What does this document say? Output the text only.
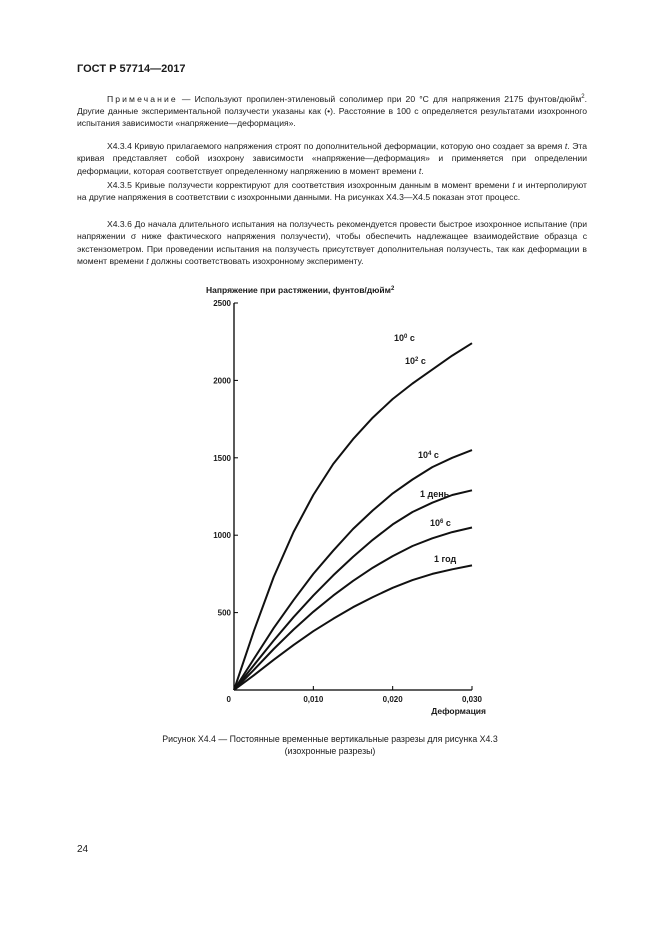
ГОСТ Р 57714—2017

Примечание — Используют пропилен-этиленовый сополимер при 20 °С для напряжения 2175 фунтов/дюйм$^2$. Другие данные экспериментальной ползучести указаны как (•). Расстояние в 100 с определяется результатами изохронного испытания зависимости «напряжение—деформация».

Х4.3.4 Кривую прилагаемого напряжения строят по дополнительной деформации, которую оно создает за время t. Эта кривая представляет собой изохрону зависимости «напряжение—деформация» и применяется при определении деформации, которая соответствует определенному напряжению в момент времени t.

Х4.3.5 Кривые ползучести корректируют для соответствия изохронным данным в момент времени t и интерполируют на другие напряжения в соответствии с изохронными данными. На рисунках Х4.3—Х4.5 показан этот процесс.

Х4.3.6 До начала длительного испытания на ползучесть рекомендуется провести быстрое изохронное испытание (при напряжении σ ниже фактического напряжения ползучести), чтобы обеспечить надлежащее взаимодействие образца с экстензометром. При проведении испытания на ползучесть присутствует дополнительная ползучесть, так как деформации в момент времени t должны соответствовать изохронному эксперименту.

500
1000
1500
2000
2500
0	0,010	0,020	0,030
Напряжение при растяжении, фунтов/дюйм$^2$
Деформация
$10^2$ с
$10^4$ с
1 день
$10^6$ с
1 год
$10^0$ с
Рисунок Х4.4 — Постоянные временные вертикальные разрезы для рисунка Х4.3
(изохронные разрезы)
24
